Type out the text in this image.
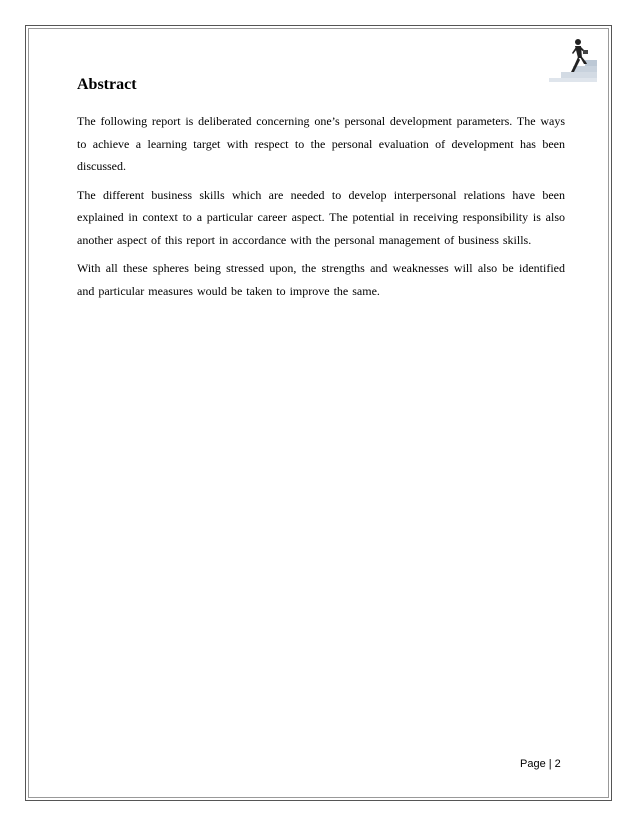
Abstract

The following report is deliberated concerning one’s personal development parameters. The ways to achieve a learning target with respect to the personal evaluation of development has been discussed.

The different business skills which are needed to develop interpersonal relations have been explained in context to a particular career aspect. The potential in receiving responsibility is also another aspect of this report in accordance with the personal management of business skills.

With all these spheres being stressed upon, the strengths and weaknesses will also be identified and particular measures would be taken to improve the same.

Page | 2
